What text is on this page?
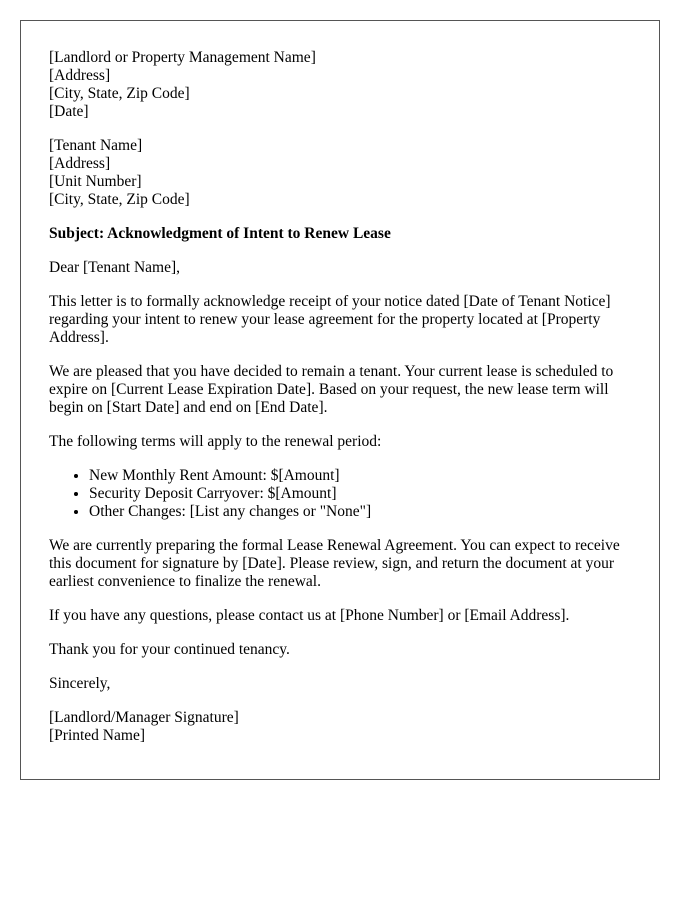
[Landlord or Property Management Name]
[Address]
[City, State, Zip Code]
[Date]
[Tenant Name]
[Address]
[Unit Number]
[City, State, Zip Code]

Subject: Acknowledgment of Intent to Renew Lease

Dear [Tenant Name],

This letter is to formally acknowledge receipt of your notice dated [Date of Tenant Notice] regarding your intent to renew your lease agreement for the property located at [Property Address].

We are pleased that you have decided to remain a tenant. Your current lease is scheduled to expire on [Current Lease Expiration Date]. Based on your request, the new lease term will begin on [Start Date] and end on [End Date].

The following terms will apply to the renewal period:

• New Monthly Rent Amount: $[Amount]
• Security Deposit Carryover: $[Amount]
• Other Changes: [List any changes or "None"]

We are currently preparing the formal Lease Renewal Agreement. You can expect to receive this document for signature by [Date]. Please review, sign, and return the document at your earliest convenience to finalize the renewal.

If you have any questions, please contact us at [Phone Number] or [Email Address].

Thank you for your continued tenancy.

Sincerely,

[Landlord/Manager Signature]
[Printed Name]
